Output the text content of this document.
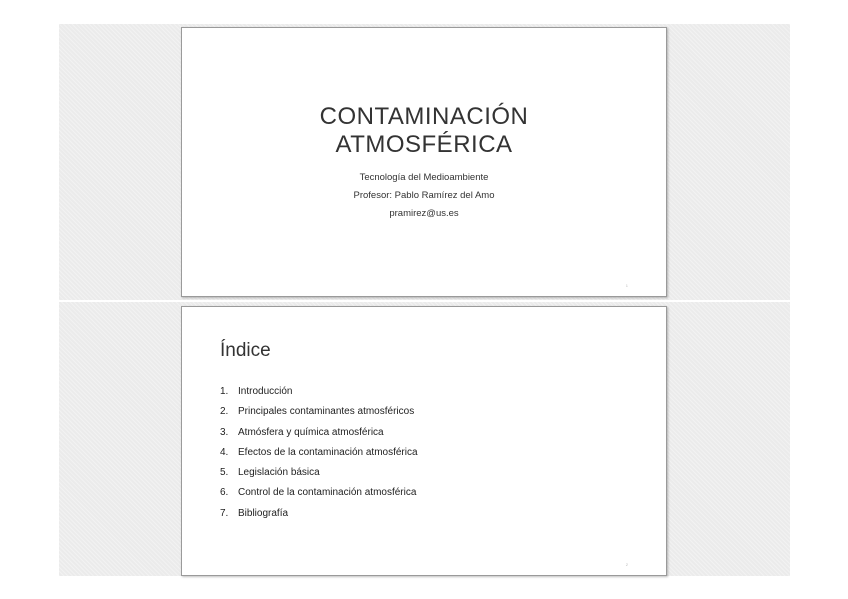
CONTAMINACIÓN
ATMOSFÉRICA
Tecnología del Medioambiente
Profesor: Pablo Ramírez del Amo
pramirez@us.es
1
Índice
1. Introducción
2. Principales contaminantes atmosféricos
3. Atmósfera y química atmosférica
4. Efectos de la contaminación atmosférica
5. Legislación básica
6. Control de la contaminación atmosférica
7. Bibliografía
2
